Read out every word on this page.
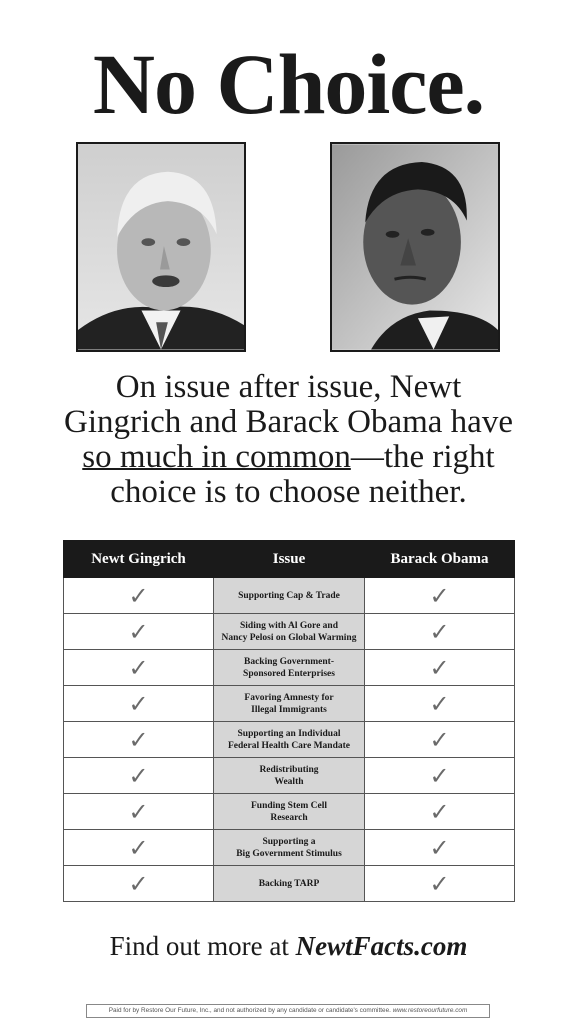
No Choice.

On issue after issue, Newt
Gingrich and Barack Obama have
so much in common—the right
choice is to choose neither.

Newt Gingrich	Issue	Barack Obama
✓	Supporting Cap & Trade	✓
✓	Siding with Al Gore and
Nancy Pelosi on Global Warming	✓
✓	Backing Government-
Sponsored Enterprises	✓
✓	Favoring Amnesty for
Illegal Immigrants	✓
✓	Supporting an Individual
Federal Health Care Mandate	✓
✓	Redistributing
Wealth	✓
✓	Funding Stem Cell
Research	✓
✓	Supporting a
Big Government Stimulus	✓
✓	Backing TARP	✓
Find out more at NewtFacts.com
Paid for by Restore Our Future, Inc., and not authorized by any candidate or candidate's committee. www.restoreourfuture.com
